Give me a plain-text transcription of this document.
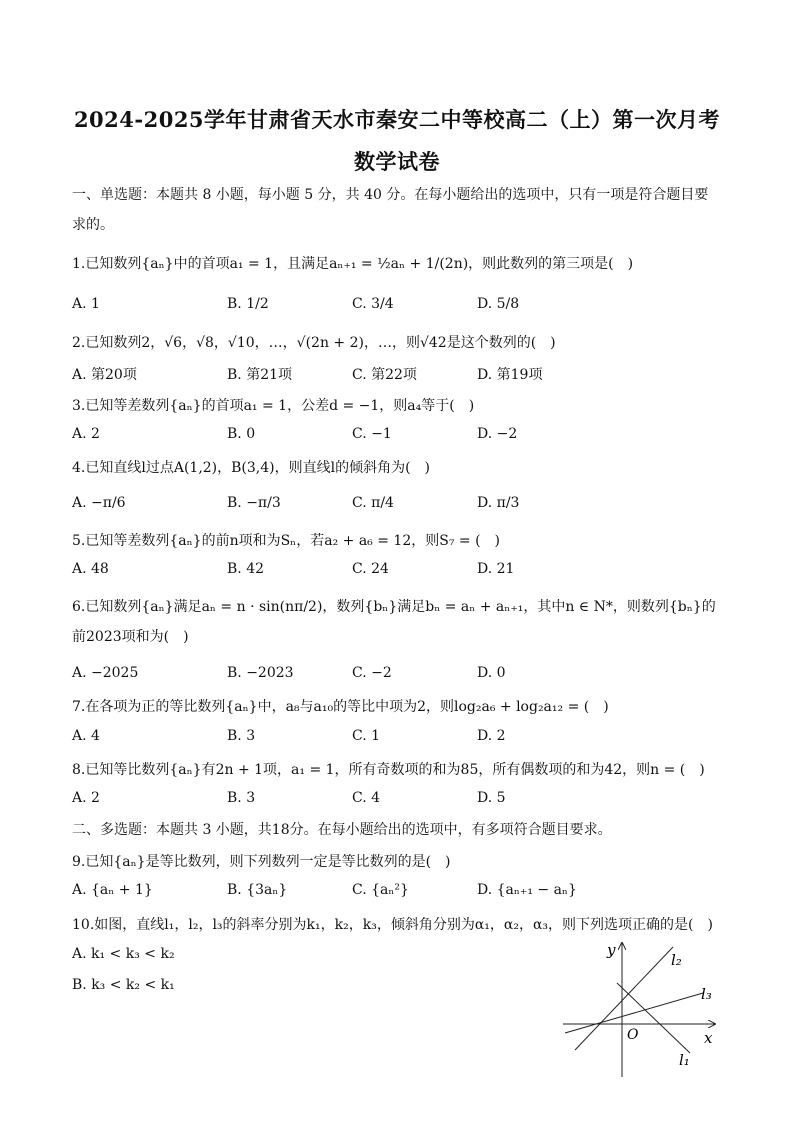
2024-2025学年甘肃省天水市秦安二中等校高二（上）第一次月考
数学试卷
一、单选题：本题共 8 小题，每小题 5 分，共 40 分。在每小题给出的选项中，只有一项是符合题目要求的。
1.已知数列{aₙ}中的首项a₁ = 1，且满足aₙ₊₁ = ½aₙ + 1/(2n)，则此数列的第三项是(　)
A. 1	B. 1/2	C. 3/4	D. 5/8
2.已知数列2，√6，√8，√10，…，√(2n + 2)，…，则√42是这个数列的(　)
A. 第20项	B. 第21项	C. 第22项	D. 第19项
3.已知等差数列{aₙ}的首项a₁ = 1，公差d = −1，则a₄等于(　)
A. 2	B. 0	C. −1	D. −2
4.已知直线l过点A(1,2)，B(3,4)，则直线l的倾斜角为(　)
A. −π/6	B. −π/3	C. π/4	D. π/3
5.已知等差数列{aₙ}的前n项和为Sₙ，若a₂ + a₆ = 12，则S₇ = (　)
A. 48	B. 42	C. 24	D. 21
6.已知数列{aₙ}满足aₙ = n · sin(nπ/2)，数列{bₙ}满足bₙ = aₙ + aₙ₊₁，其中n ∈ N*，则数列{bₙ}的前2023项和为(　)
A. −2025	B. −2023	C. −2	D. 0
7.在各项为正的等比数列{aₙ}中，a₈与a₁₀的等比中项为2，则log₂a₆ + log₂a₁₂ = (　)
A. 4	B. 3	C. 1	D. 2
8.已知等比数列{aₙ}有2n + 1项，a₁ = 1，所有奇数项的和为85，所有偶数项的和为42，则n = (　)
A. 2	B. 3	C. 4	D. 5
二、多选题：本题共 3 小题，共18分。在每小题给出的选项中，有多项符合题目要求。
9.已知{aₙ}是等比数列，则下列数列一定是等比数列的是(　)
A. {aₙ + 1}	B. {3aₙ}	C. {aₙ²}	D. {aₙ₊₁ − aₙ}
10.如图，直线l₁，l₂，l₃的斜率分别为k₁，k₂，k₃，倾斜角分别为α₁，α₂，α₃，则下列选项正确的是(　)
A. k₁ < k₃ < k₂
B. k₃ < k₂ < k₁
y
x
O
l₂
l₃
l₁
